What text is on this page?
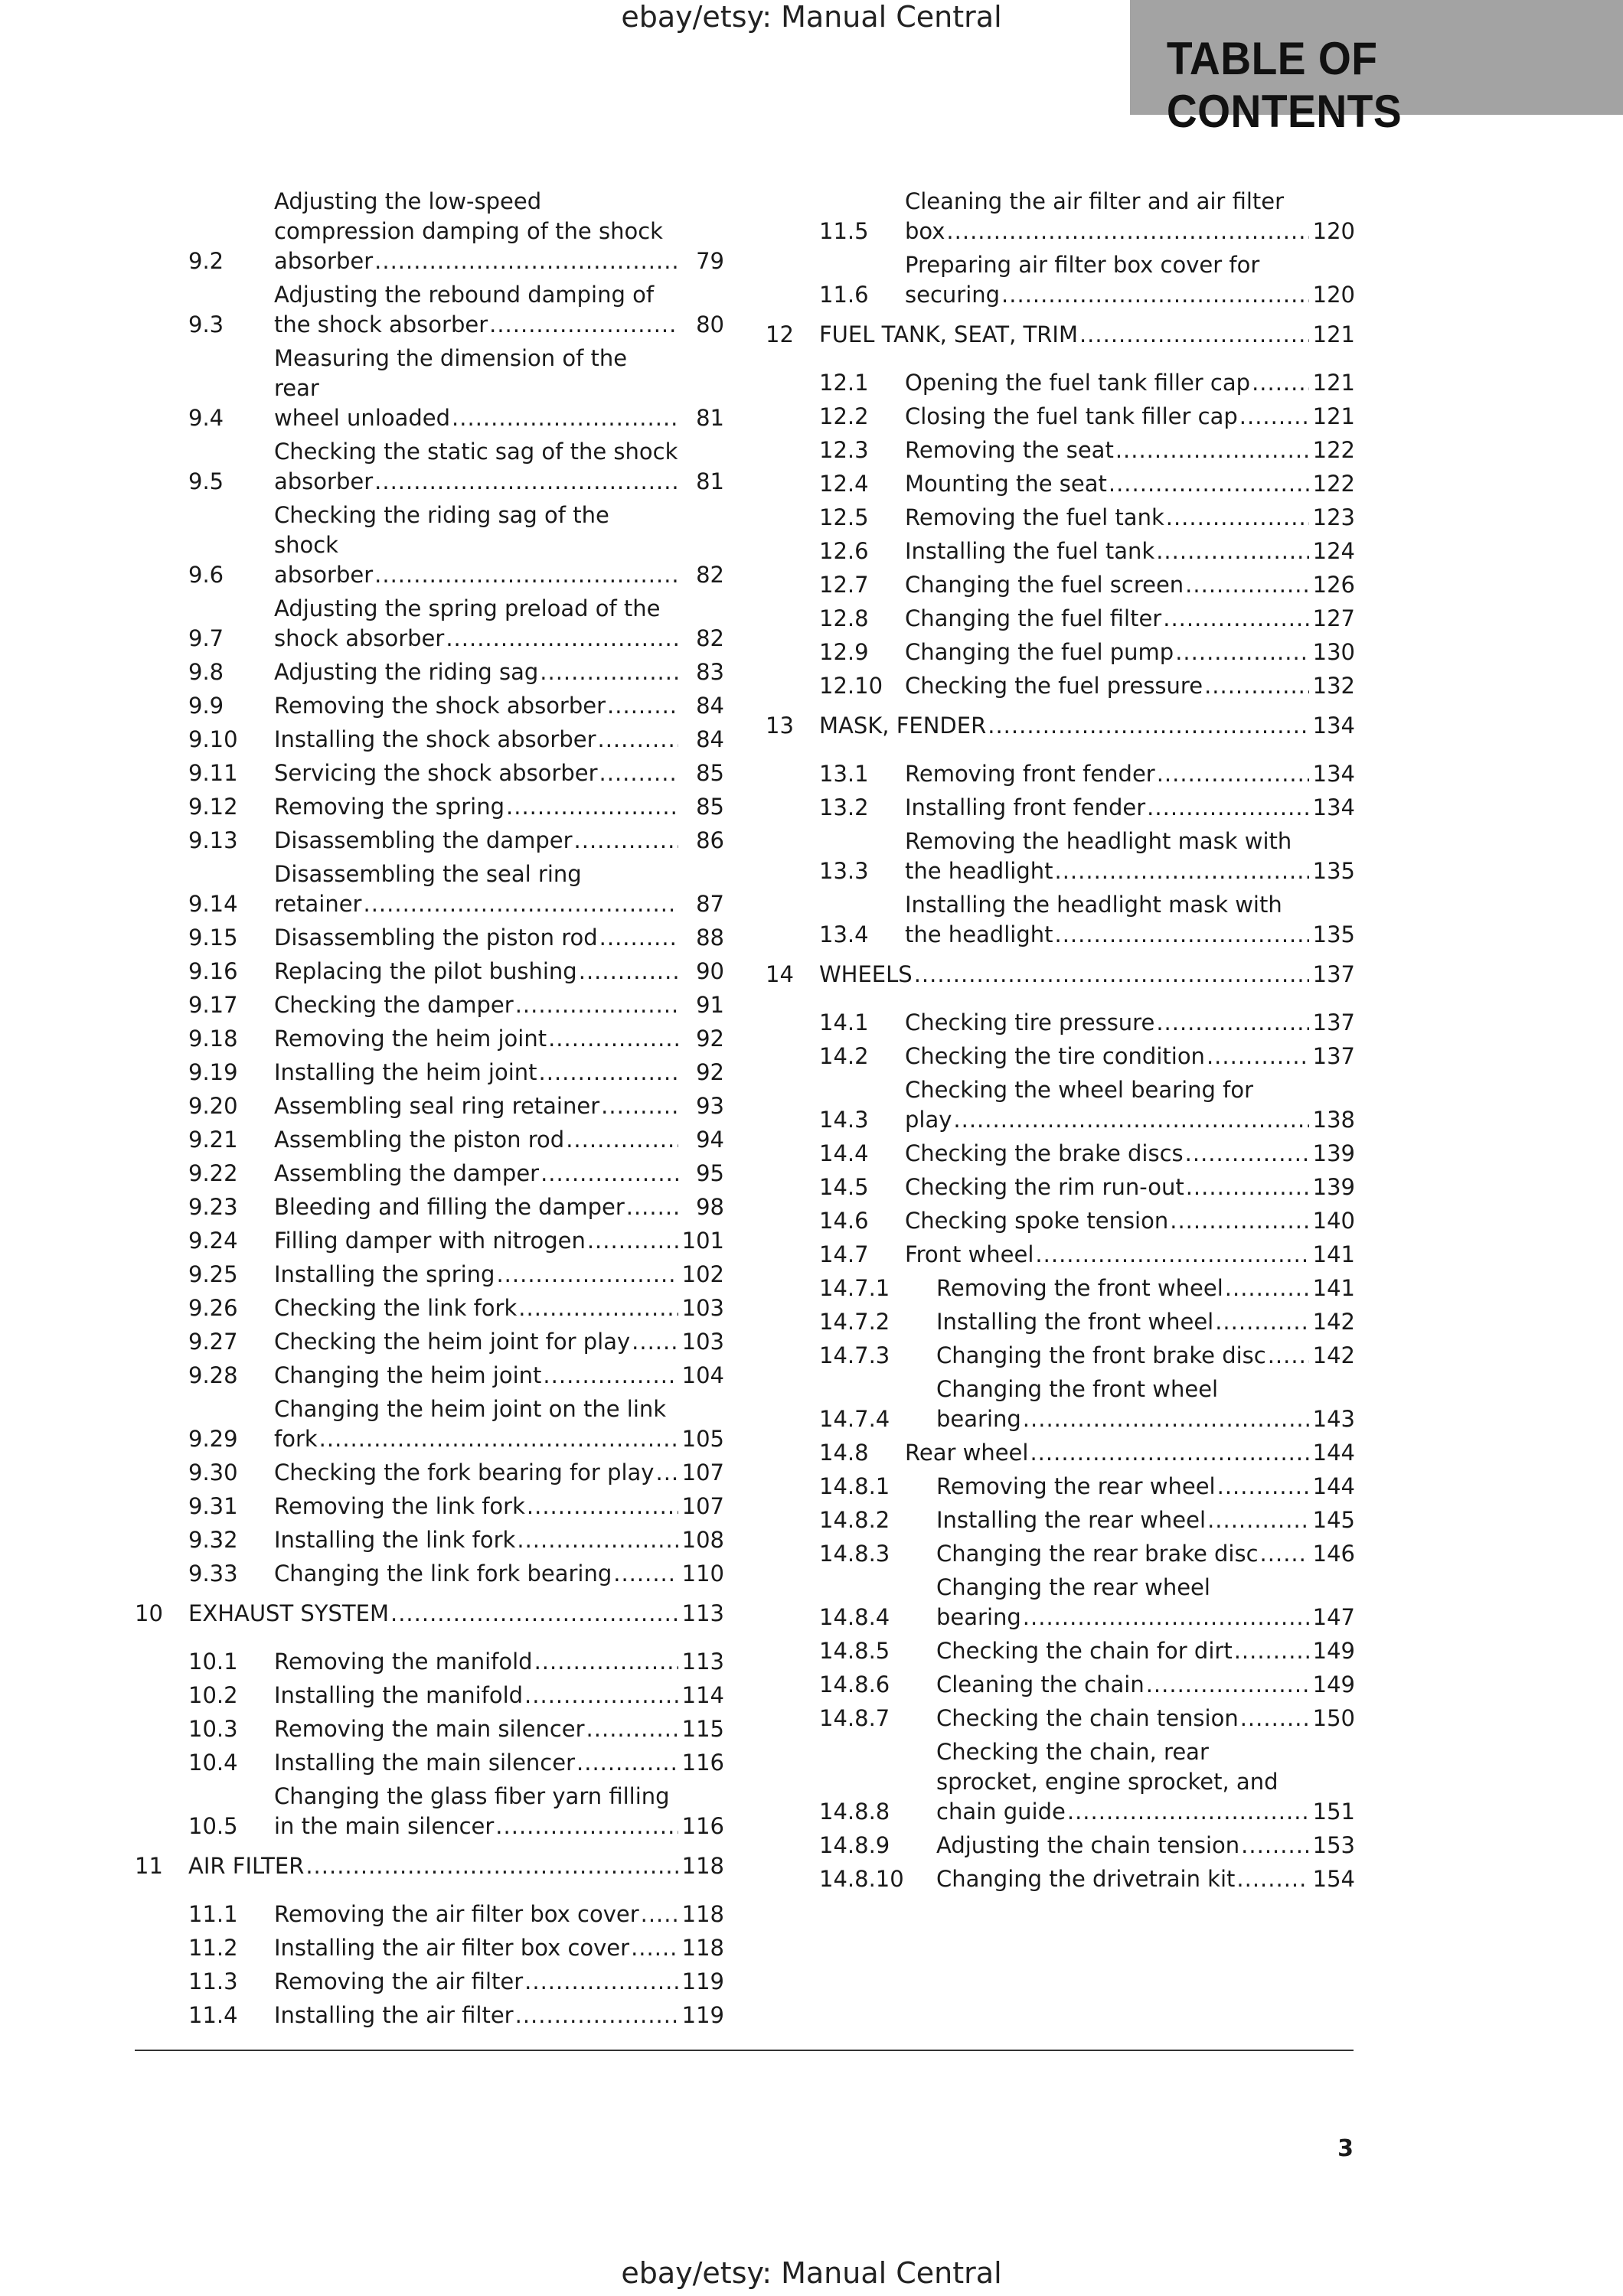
ebay/etsy: Manual Central
TABLE OF CONTENTS
9.2
Adjusting the low-speed
compression damping of the shock
absorber .....	79
9.3
Adjusting the rebound damping of
the shock absorber .....	80
9.4
Measuring the dimension of the rear
wheel unloaded .....	81
9.5
Checking the static sag of the shock
absorber .....	81
9.6
Checking the riding sag of the shock
absorber .....	82
9.7
Adjusting the spring preload of the
shock absorber .....	82
9.8	Adjusting the riding sag .....	83
9.9	Removing the shock absorber .....	84
9.10	Installing the shock absorber .....	84
9.11	Servicing the shock absorber .....	85
9.12	Removing the spring .....	85
9.13	Disassembling the damper .....	86
9.14
Disassembling the seal ring
retainer .....	87
9.15	Disassembling the piston rod .....	88
9.16	Replacing the pilot bushing .....	90
9.17	Checking the damper .....	91
9.18	Removing the heim joint .....	92
9.19	Installing the heim joint .....	92
9.20	Assembling seal ring retainer .....	93
9.21	Assembling the piston rod .....	94
9.22	Assembling the damper .....	95
9.23	Bleeding and filling the damper .....	98
9.24	Filling damper with nitrogen .....	101
9.25	Installing the spring .....	102
9.26	Checking the link fork .....	103
9.27	Checking the heim joint for play ..... 103
9.28	Changing the heim joint .....	104
9.29
Changing the heim joint on the link
fork .....	105
9.30	Checking the fork bearing for play ..... 107
9.31	Removing the link fork .....	107
9.32	Installing the link fork .....	108
9.33	Changing the link fork bearing .....	110
10	EXHAUST SYSTEM .....	113
10.1	Removing the manifold .....	113
10.2	Installing the manifold .....	114
10.3	Removing the main silencer .....	115
10.4	Installing the main silencer .....	116
10.5
Changing the glass fiber yarn filling
in the main silencer .....	116
11	AIR FILTER .....	118
11.1	Removing the air filter box cover ..... 118
11.2	Installing the air filter box cover ..... 118
11.3	Removing the air filter .....	119
11.4	Installing the air filter .....	119
11.5
Cleaning the air filter and air filter
box .....	120
11.6
Preparing air filter box cover for
securing .....	120
12	FUEL TANK, SEAT, TRIM .....	121
12.1	Opening the fuel tank filler cap .....	121
12.2	Closing the fuel tank filler cap .....	121
12.3	Removing the seat .....	122
12.4	Mounting the seat .....	122
12.5	Removing the fuel tank .....	123
12.6	Installing the fuel tank .....	124
12.7	Changing the fuel screen .....	126
12.8	Changing the fuel filter .....	127
12.9	Changing the fuel pump .....	130
12.10 Checking the fuel pressure .....	132
13	MASK, FENDER .....	134
13.1	Removing front fender .....	134
13.2	Installing front fender .....	134
13.3
Removing the headlight mask with
the headlight .....	135
13.4
Installing the headlight mask with
the headlight .....	135
14	WHEELS .....	137
14.1	Checking tire pressure .....	137
14.2	Checking the tire condition .....	137
14.3
Checking the wheel bearing for
play .....	138
14.4	Checking the brake discs .....	139
14.5	Checking the rim run-out .....	139
14.6	Checking spoke tension .....	140
14.7	Front wheel .....	141
14.7.1	Removing the front wheel .....	141
14.7.2	Installing the front wheel .....	142
14.7.3	Changing the front brake disc ..... 142
14.7.4
Changing the front wheel
bearing .....	143
14.8	Rear wheel .....	144
14.8.1	Removing the rear wheel .....	144
14.8.2	Installing the rear wheel .....	145
14.8.3	Changing the rear brake disc ..... 146
14.8.4
Changing the rear wheel
bearing .....	147
14.8.5	Checking the chain for dirt .....	149
14.8.6	Cleaning the chain .....	149
14.8.7	Checking the chain tension .....	150
14.8.8
Checking the chain, rear
sprocket, engine sprocket, and
chain guide .....	151
14.8.9	Adjusting the chain tension .....	153
14.8.10	Changing the drivetrain kit .....	154
3
ebay/etsy: Manual Central
